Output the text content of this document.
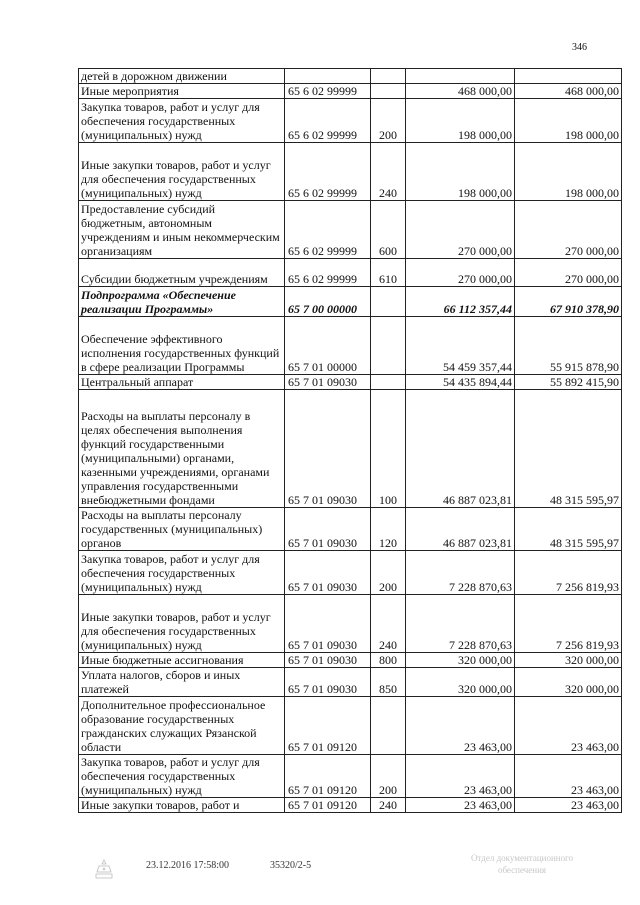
346
детей в дорожном движении				
Иные мероприятия	65 6 02 99999		468 000,00	468 000,00
Закупка товаров, работ и услуг для обеспечения государственных (муниципальных) нужд	65 6 02 99999	200	198 000,00	198 000,00
Иные закупки товаров, работ и услуг для обеспечения государственных (муниципальных) нужд	65 6 02 99999	240	198 000,00	198 000,00
Предоставление субсидий бюджетным, автономным учреждениям и иным некоммерческим организациям	65 6 02 99999	600	270 000,00	270 000,00
Субсидии бюджетным учреждениям	65 6 02 99999	610	270 000,00	270 000,00
Подпрограмма «Обеспечение реализации Программы»	65 7 00 00000		66 112 357,44	67 910 378,90
Обеспечение эффективного исполнения государственных функций в сфере реализации Программы	65 7 01 00000		54 459 357,44	55 915 878,90
Центральный аппарат	65 7 01 09030		54 435 894,44	55 892 415,90
Расходы на выплаты персоналу в целях обеспечения выполнения функций государственными (муниципальными) органами, казенными учреждениями, органами управления государственными внебюджетными фондами	65 7 01 09030	100	46 887 023,81	48 315 595,97
Расходы на выплаты персоналу государственных (муниципальных) органов	65 7 01 09030	120	46 887 023,81	48 315 595,97
Закупка товаров, работ и услуг для обеспечения государственных (муниципальных) нужд	65 7 01 09030	200	7 228 870,63	7 256 819,93
Иные закупки товаров, работ и услуг для обеспечения государственных (муниципальных) нужд	65 7 01 09030	240	7 228 870,63	7 256 819,93
Иные бюджетные ассигнования	65 7 01 09030	800	320 000,00	320 000,00
Уплата налогов, сборов и иных платежей	65 7 01 09030	850	320 000,00	320 000,00
Дополнительное профессиональное образование государственных гражданских служащих Рязанской области	65 7 01 09120		23 463,00	23 463,00
Закупка товаров, работ и услуг для обеспечения государственных (муниципальных) нужд	65 7 01 09120	200	23 463,00	23 463,00
Иные закупки товаров, работ и	65 7 01 09120	240	23 463,00	23 463,00
23.12.2016 17:58:00	35320/2-5
Отдел документационного
обеспечения
